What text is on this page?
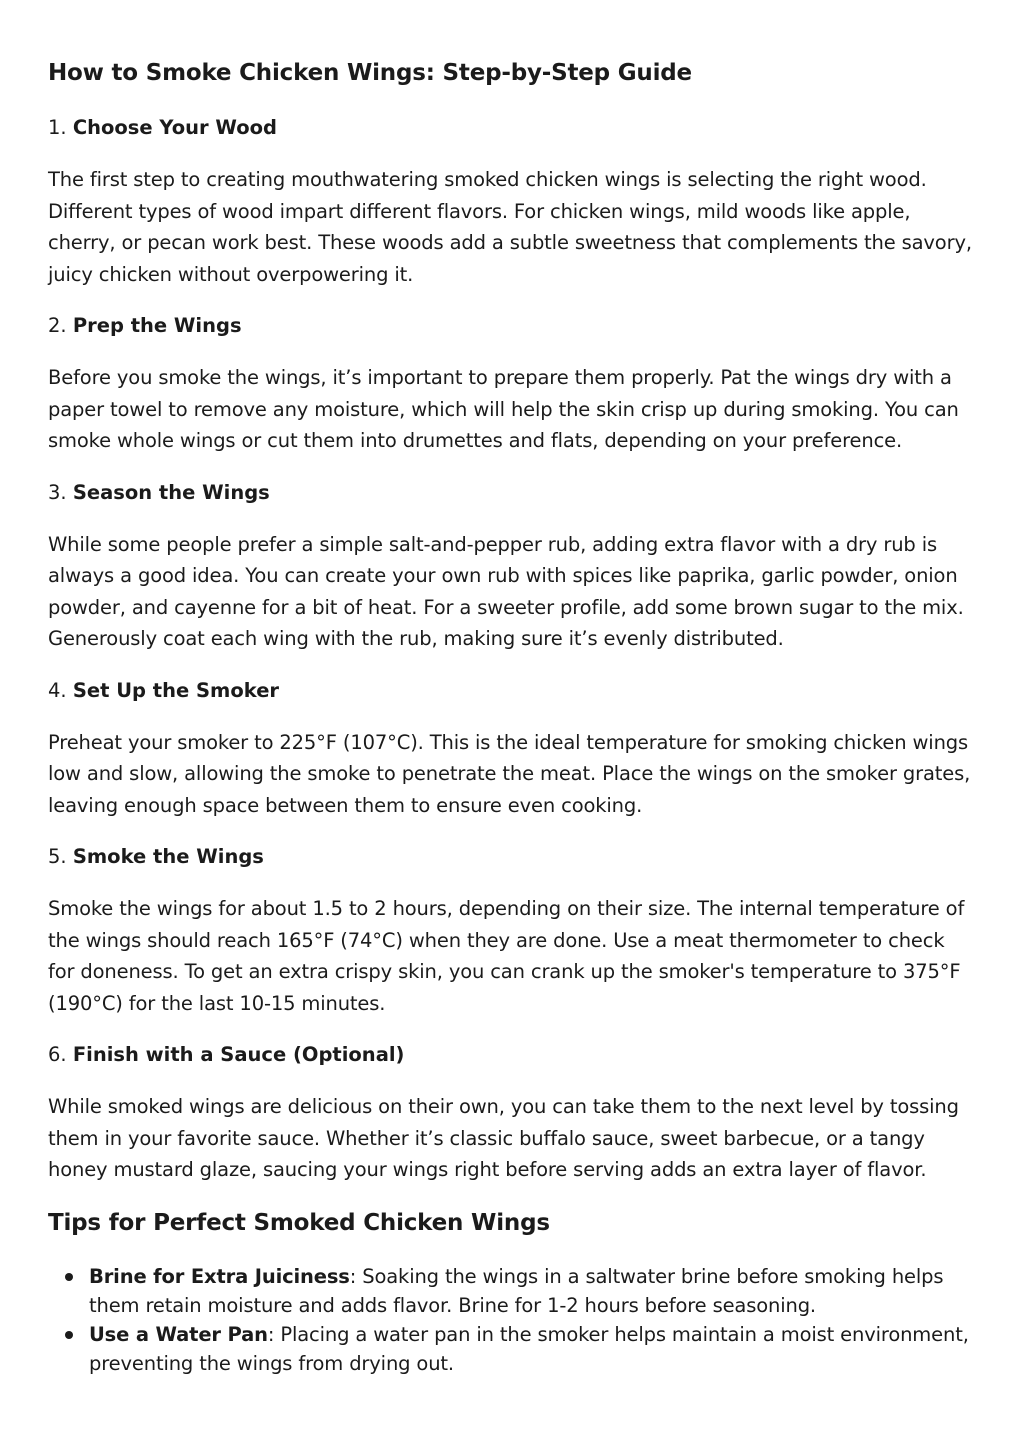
How to Smoke Chicken Wings: Step-by-Step Guide

1. Choose Your Wood

The first step to creating mouthwatering smoked chicken wings is selecting the right wood. Different types of wood impart different flavors. For chicken wings, mild woods like apple, cherry, or pecan work best. These woods add a subtle sweetness that complements the savory, juicy chicken without overpowering it.

2. Prep the Wings

Before you smoke the wings, it’s important to prepare them properly. Pat the wings dry with a paper towel to remove any moisture, which will help the skin crisp up during smoking. You can smoke whole wings or cut them into drumettes and flats, depending on your preference.

3. Season the Wings

While some people prefer a simple salt-and-pepper rub, adding extra flavor with a dry rub is always a good idea. You can create your own rub with spices like paprika, garlic powder, onion powder, and cayenne for a bit of heat. For a sweeter profile, add some brown sugar to the mix. Generously coat each wing with the rub, making sure it’s evenly distributed.

4. Set Up the Smoker

Preheat your smoker to 225°F (107°C). This is the ideal temperature for smoking chicken wings low and slow, allowing the smoke to penetrate the meat. Place the wings on the smoker grates, leaving enough space between them to ensure even cooking.

5. Smoke the Wings

Smoke the wings for about 1.5 to 2 hours, depending on their size. The internal temperature of the wings should reach 165°F (74°C) when they are done. Use a meat thermometer to check for doneness. To get an extra crispy skin, you can crank up the smoker's temperature to 375°F (190°C) for the last 10-15 minutes.

6. Finish with a Sauce (Optional)

While smoked wings are delicious on their own, you can take them to the next level by tossing them in your favorite sauce. Whether it’s classic buffalo sauce, sweet barbecue, or a tangy honey mustard glaze, saucing your wings right before serving adds an extra layer of flavor.

Tips for Perfect Smoked Chicken Wings
Brine for Extra Juiciness: Soaking the wings in a saltwater brine before smoking helps them retain moisture and adds flavor. Brine for 1-2 hours before seasoning.
Use a Water Pan: Placing a water pan in the smoker helps maintain a moist environment, preventing the wings from drying out.
